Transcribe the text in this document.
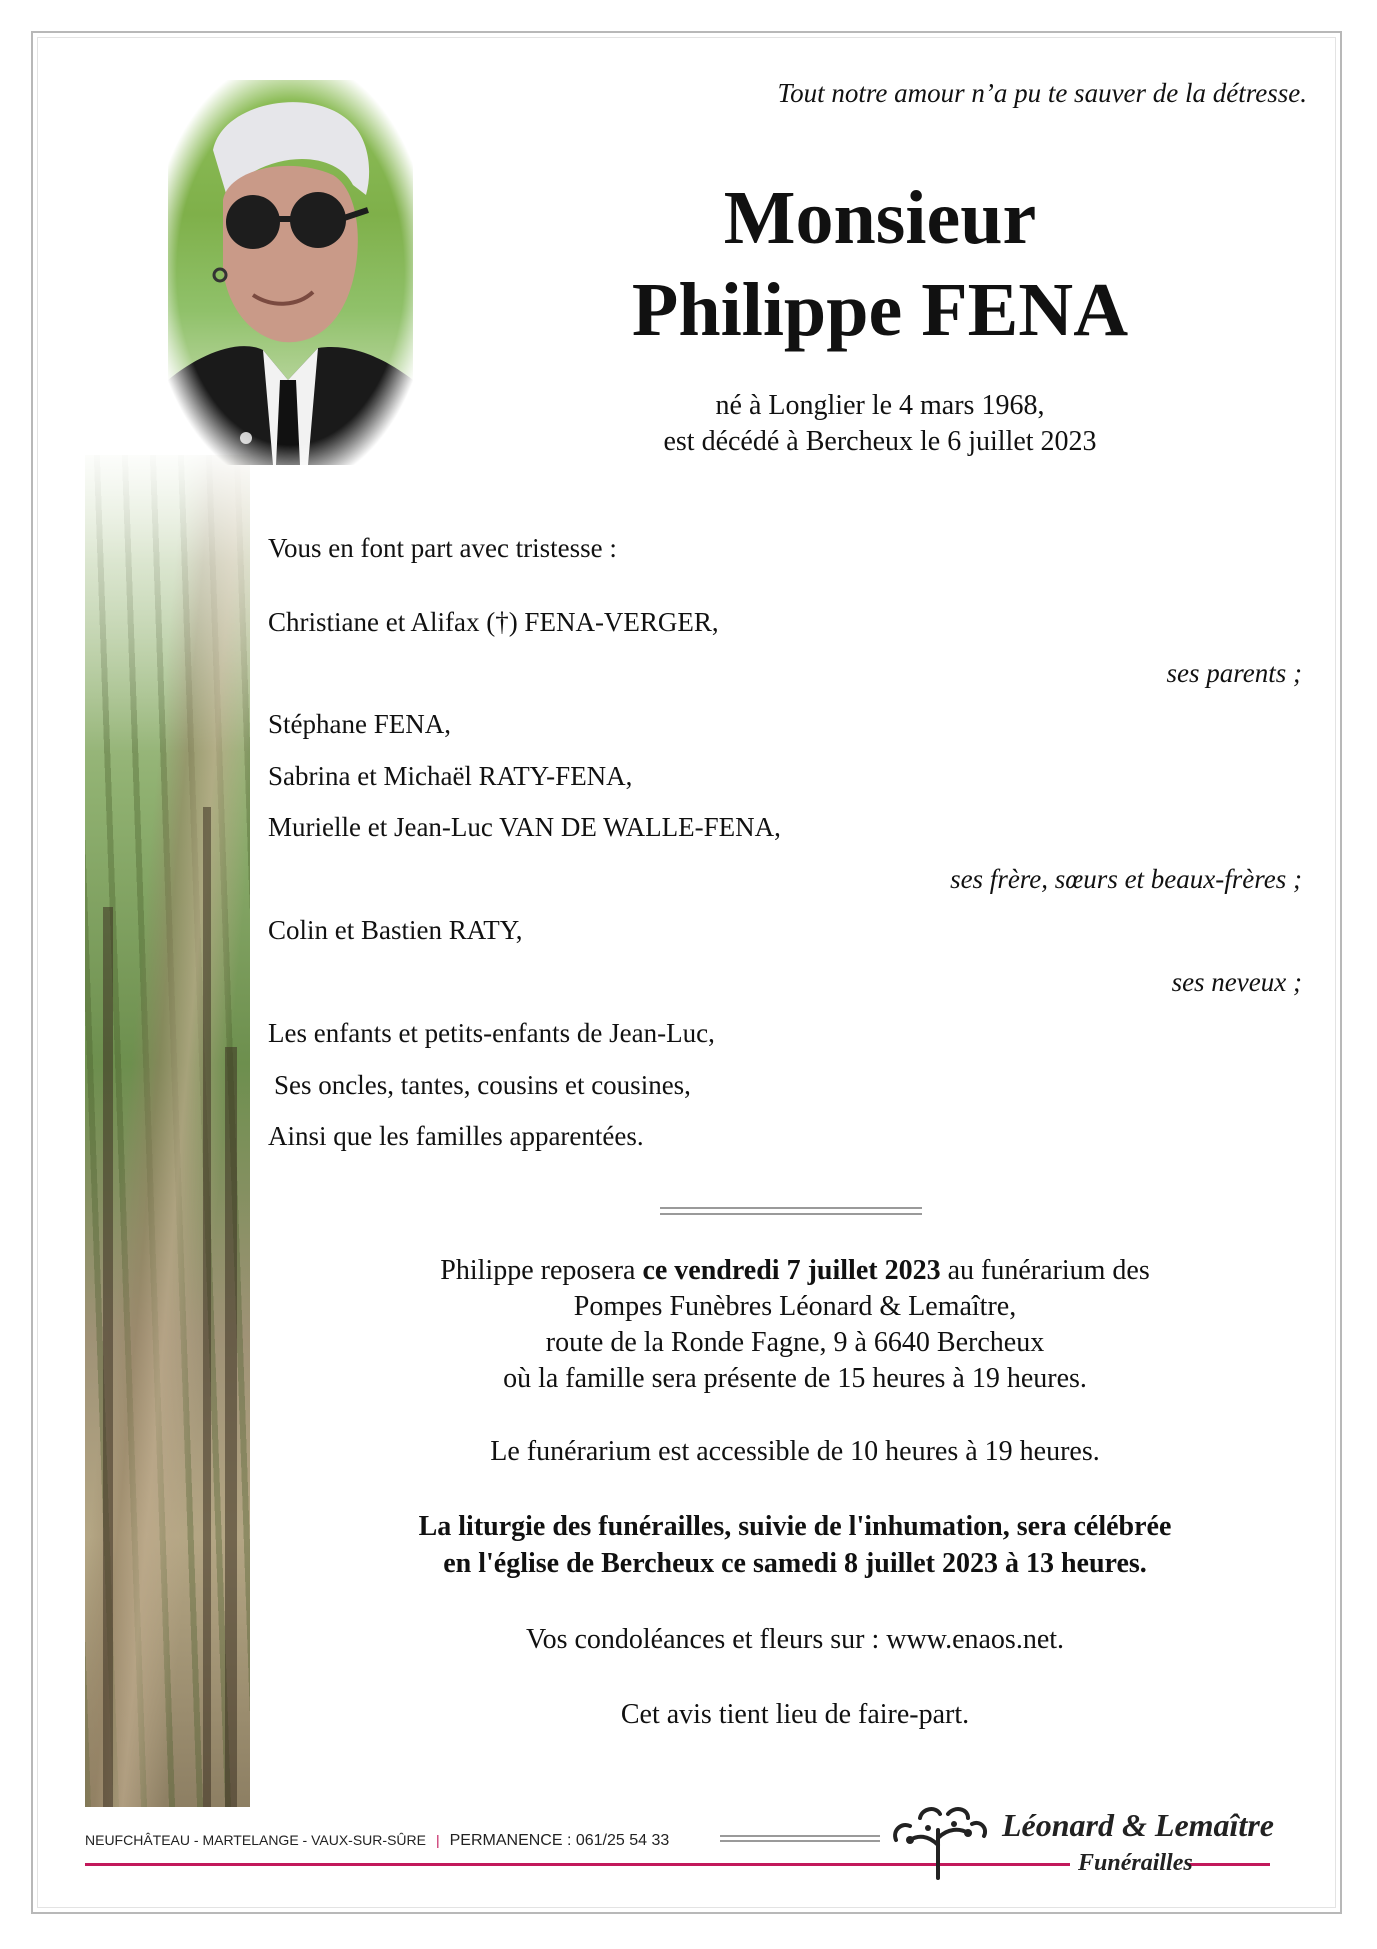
Tout notre amour n’a pu te sauver de la détresse.
Monsieur
Philippe FENA
né à Longlier le 4 mars 1968,
est décédé à Bercheux le 6 juillet 2023
Vous en font part avec tristesse :
Christiane et Alifax (†) FENA-VERGER,
ses parents ;
Stéphane FENA,
Sabrina et Michaël RATY-FENA,
Murielle et Jean-Luc VAN DE WALLE-FENA,
ses frère, sœurs et beaux-frères ;
Colin et Bastien RATY,
ses neveux ;
Les enfants et petits-enfants de Jean-Luc,
Ses oncles, tantes, cousins et cousines,
Ainsi que les familles apparentées.
Philippe reposera ce vendredi 7 juillet 2023 au funérarium des
Pompes Funèbres Léonard & Lemaître,
route de la Ronde Fagne, 9 à 6640 Bercheux
où la famille sera présente de 15 heures à 19 heures.
Le funérarium est accessible de 10 heures à 19 heures.
La liturgie des funérailles, suivie de l'inhumation, sera célébrée
en l'église de Bercheux ce samedi 8 juillet 2023 à 13 heures.
Vos condoléances et fleurs sur : www.enaos.net.
Cet avis tient lieu de faire-part.
NEUFCHÂTEAU - MARTELANGE - VAUX-SUR-SÛRE | PERMANENCE : 061/25 54 33	Léonard & Lemaître
Funérailles
